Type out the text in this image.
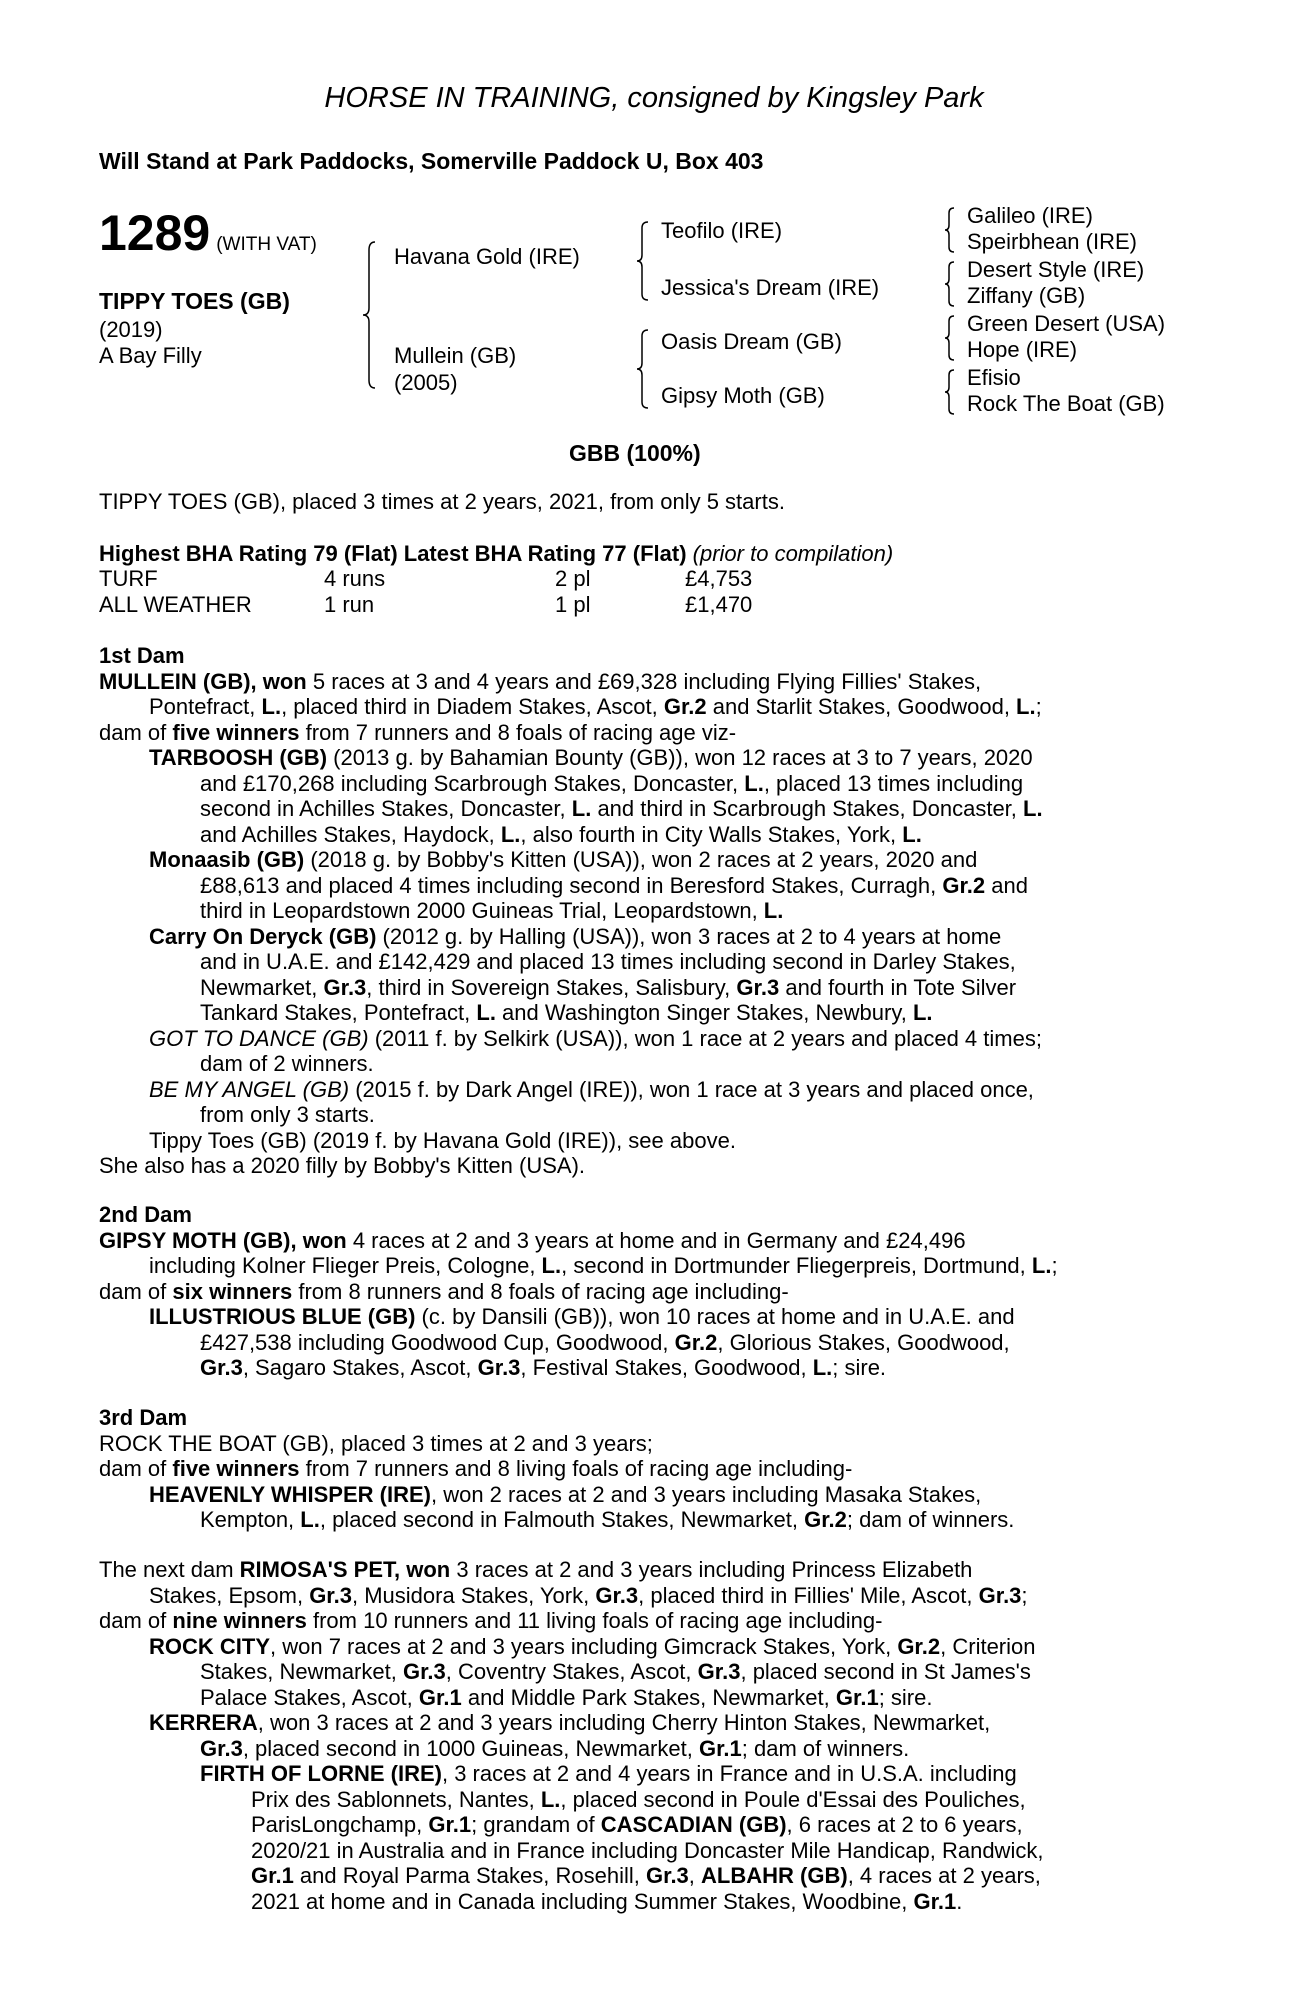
HORSE IN TRAINING, consigned by Kingsley Park
Will Stand at Park Paddocks, Somerville Paddock U, Box 403
1289 (WITH VAT)
TIPPY TOES (GB)
(2019)
A Bay Filly
Havana Gold (IRE)
Mullein (GB)
(2005)
Teofilo (IRE)
Jessica's Dream (IRE)
Oasis Dream (GB)
Gipsy Moth (GB)
Galileo (IRE)
Speirbhean (IRE)
Desert Style (IRE)
Ziffany (GB)
Green Desert (USA)
Hope (IRE)
Efisio
Rock The Boat (GB)
GBB (100%)
TIPPY TOES (GB), placed 3 times at 2 years, 2021, from only 5 starts.
Highest BHA Rating 79 (Flat) Latest BHA Rating 77 (Flat) (prior to compilation)
TURF	4 runs	2 pl	£4,753
ALL WEATHER	1 run	1 pl	£1,470
1st Dam
MULLEIN (GB), won 5 races at 3 and 4 years and £69,328 including Flying Fillies' Stakes,
Pontefract, L., placed third in Diadem Stakes, Ascot, Gr.2 and Starlit Stakes, Goodwood, L.;
dam of five winners from 7 runners and 8 foals of racing age viz-
TARBOOSH (GB) (2013 g. by Bahamian Bounty (GB)), won 12 races at 3 to 7 years, 2020
and £170,268 including Scarbrough Stakes, Doncaster, L., placed 13 times including
second in Achilles Stakes, Doncaster, L. and third in Scarbrough Stakes, Doncaster, L.
and Achilles Stakes, Haydock, L., also fourth in City Walls Stakes, York, L.
Monaasib (GB) (2018 g. by Bobby's Kitten (USA)), won 2 races at 2 years, 2020 and
£88,613 and placed 4 times including second in Beresford Stakes, Curragh, Gr.2 and
third in Leopardstown 2000 Guineas Trial, Leopardstown, L.
Carry On Deryck (GB) (2012 g. by Halling (USA)), won 3 races at 2 to 4 years at home
and in U.A.E. and £142,429 and placed 13 times including second in Darley Stakes,
Newmarket, Gr.3, third in Sovereign Stakes, Salisbury, Gr.3 and fourth in Tote Silver
Tankard Stakes, Pontefract, L. and Washington Singer Stakes, Newbury, L.
GOT TO DANCE (GB) (2011 f. by Selkirk (USA)), won 1 race at 2 years and placed 4 times;
dam of 2 winners.
BE MY ANGEL (GB) (2015 f. by Dark Angel (IRE)), won 1 race at 3 years and placed once,
from only 3 starts.
Tippy Toes (GB) (2019 f. by Havana Gold (IRE)), see above.
She also has a 2020 filly by Bobby's Kitten (USA).
2nd Dam
GIPSY MOTH (GB), won 4 races at 2 and 3 years at home and in Germany and £24,496
including Kolner Flieger Preis, Cologne, L., second in Dortmunder Fliegerpreis, Dortmund, L.;
dam of six winners from 8 runners and 8 foals of racing age including-
ILLUSTRIOUS BLUE (GB) (c. by Dansili (GB)), won 10 races at home and in U.A.E. and
£427,538 including Goodwood Cup, Goodwood, Gr.2, Glorious Stakes, Goodwood,
Gr.3, Sagaro Stakes, Ascot, Gr.3, Festival Stakes, Goodwood, L.; sire.
3rd Dam
ROCK THE BOAT (GB), placed 3 times at 2 and 3 years;
dam of five winners from 7 runners and 8 living foals of racing age including-
HEAVENLY WHISPER (IRE), won 2 races at 2 and 3 years including Masaka Stakes,
Kempton, L., placed second in Falmouth Stakes, Newmarket, Gr.2; dam of winners.
The next dam RIMOSA'S PET, won 3 races at 2 and 3 years including Princess Elizabeth
Stakes, Epsom, Gr.3, Musidora Stakes, York, Gr.3, placed third in Fillies' Mile, Ascot, Gr.3;
dam of nine winners from 10 runners and 11 living foals of racing age including-
ROCK CITY, won 7 races at 2 and 3 years including Gimcrack Stakes, York, Gr.2, Criterion
Stakes, Newmarket, Gr.3, Coventry Stakes, Ascot, Gr.3, placed second in St James's
Palace Stakes, Ascot, Gr.1 and Middle Park Stakes, Newmarket, Gr.1; sire.
KERRERA, won 3 races at 2 and 3 years including Cherry Hinton Stakes, Newmarket,
Gr.3, placed second in 1000 Guineas, Newmarket, Gr.1; dam of winners.
FIRTH OF LORNE (IRE), 3 races at 2 and 4 years in France and in U.S.A. including
Prix des Sablonnets, Nantes, L., placed second in Poule d'Essai des Pouliches,
ParisLongchamp, Gr.1; grandam of CASCADIAN (GB), 6 races at 2 to 6 years,
2020/21 in Australia and in France including Doncaster Mile Handicap, Randwick,
Gr.1 and Royal Parma Stakes, Rosehill, Gr.3, ALBAHR (GB), 4 races at 2 years,
2021 at home and in Canada including Summer Stakes, Woodbine, Gr.1.
